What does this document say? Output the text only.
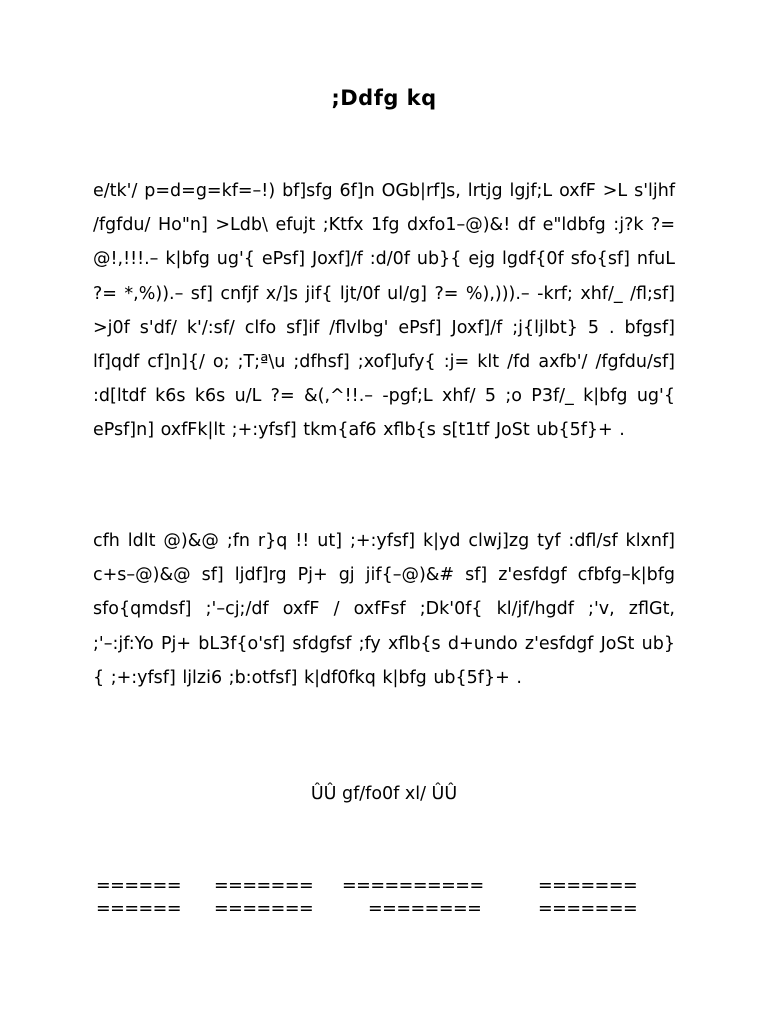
;Ddfg kq
e/tk'/ p=d=g=kf=–!) bf]sfg 6f]n OGb|rf]s, lrtjg lgjf;L oxfF >L s'ljhf /fgfdu/ Ho"n] >Ldb\ efujt ;Ktfx 1fg dxfo1–@)&! df e"ldbfg :j?k ?= @!,!!!.– k|bfg ug'{ ePsf] Joxf]/f :d/0f ub}{ ejg lgdf{0f sfo{sf] nfuL ?= *,%)).– sf] cnfjf x/]s jif{ ljt/0f ul/g] ?= %),))).– -krf; xhf/_ /fl;sf] >j0f s'df/ k'/:sf/ clfo sf]if /flvlbg' ePsf] Joxf]/f ;j{ljlbt} 5 . bfgsf] lf]qdf cf]n]{/ o; ;T;ª\u ;dfhsf] ;xof]ufy{ :j= klt /fd axfb'/ /fgfdu/sf] :d[ltdf k6s k6s u/L ?= &(,^!!.– -pgf;L xhf/ 5 ;o P3f/_ k|bfg ug'{ ePsf]n] oxfFk|lt ;+:yfsf] tkm{af6 xflb{s s[t1tf JoSt ub{5f}+ .
cfh ldlt @)&@ ;fn r}q !! ut] ;+:yfsf] k|yd clwj]zg tyf :dfl/sf klxnf] c+s–@)&@ sf] ljdf]rg Pj+ gj jif{–@)&# sf] z'esfdgf cfbfg–k|bfg sfo{qmdsf] ;'–cj;/df oxfF / oxfFsf ;Dk'0f{ kl/jf/hgdf ;'v, zflGt, ;'–:jf:Yo Pj+ bL3f{o'sf] sfdgfsf ;fy xflb{s d+undo z'esfdgf JoSt ub}{ ;+:yfsf] ljlzi6 ;b:otfsf] k|df0fkq k|bfg ub{5f}+ .
ÛÛ gf/fo0f xl/ ÛÛ
====== ======= ==========	=======
====== =======	========	=======
